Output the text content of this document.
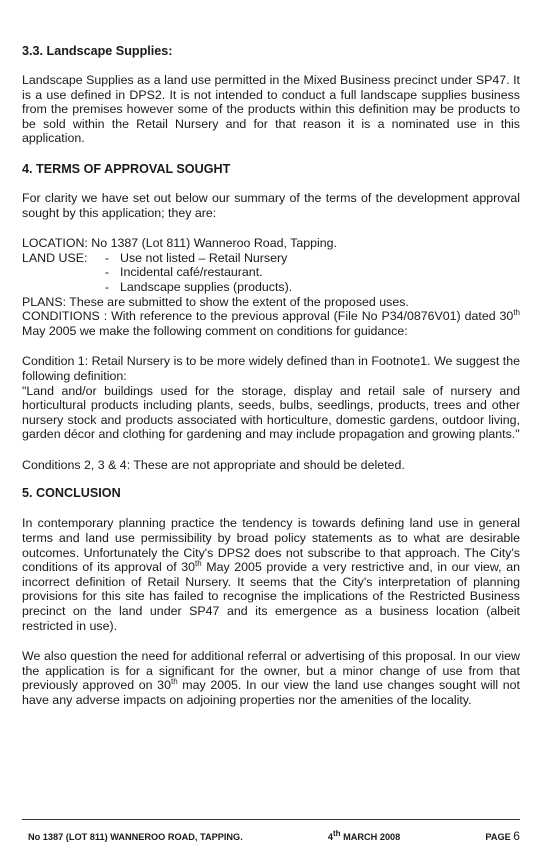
3.3. Landscape Supplies:

Landscape Supplies as a land use permitted in the Mixed Business precinct under SP47. It is a use defined in DPS2. It is not intended to conduct a full landscape supplies business from the premises however some of the products within this definition may be products to be sold within the Retail Nursery and for that reason it is a nominated use in this application.

4. TERMS OF APPROVAL SOUGHT

For clarity we have set out below our summary of the terms of the development approval sought by this application; they are:

LOCATION: No 1387 (Lot 811) Wanneroo Road, Tapping.
LAND USE:	- Use not listed – Retail Nursery
- Incidental café/restaurant.
- Landscape supplies (products).
PLANS: These are submitted to show the extent of the proposed uses.

CONDITIONS : With reference to the previous approval (File No P34/0876V01) dated 30th May 2005 we make the following comment on conditions for guidance:

Condition 1: Retail Nursery is to be more widely defined than in Footnote1. We suggest the following definition:

"Land and/or buildings used for the storage, display and retail sale of nursery and horticultural products including plants, seeds, bulbs, seedlings, products, trees and other nursery stock and products associated with horticulture, domestic gardens, outdoor living, garden décor and clothing for gardening and may include propagation and growing plants."

Conditions 2, 3 & 4: These are not appropriate and should be deleted.

5. CONCLUSION

In contemporary planning practice the tendency is towards defining land use in general terms and land use permissibility by broad policy statements as to what are desirable outcomes. Unfortunately the City's DPS2 does not subscribe to that approach. The City's conditions of its approval of 30th May 2005 provide a very restrictive and, in our view, an incorrect definition of Retail Nursery. It seems that the City's interpretation of planning provisions for this site has failed to recognise the implications of the Restricted Business precinct on the land under SP47 and its emergence as a business location (albeit restricted in use).

We also question the need for additional referral or advertising of this proposal. In our view the application is for a significant for the owner, but a minor change of use from that previously approved on 30th may 2005. In our view the land use changes sought will not have any adverse impacts on adjoining properties nor the amenities of the locality.

No 1387 (LOT 811) WANNEROO ROAD, TAPPING.	4th MARCH 2008	PAGE 6
